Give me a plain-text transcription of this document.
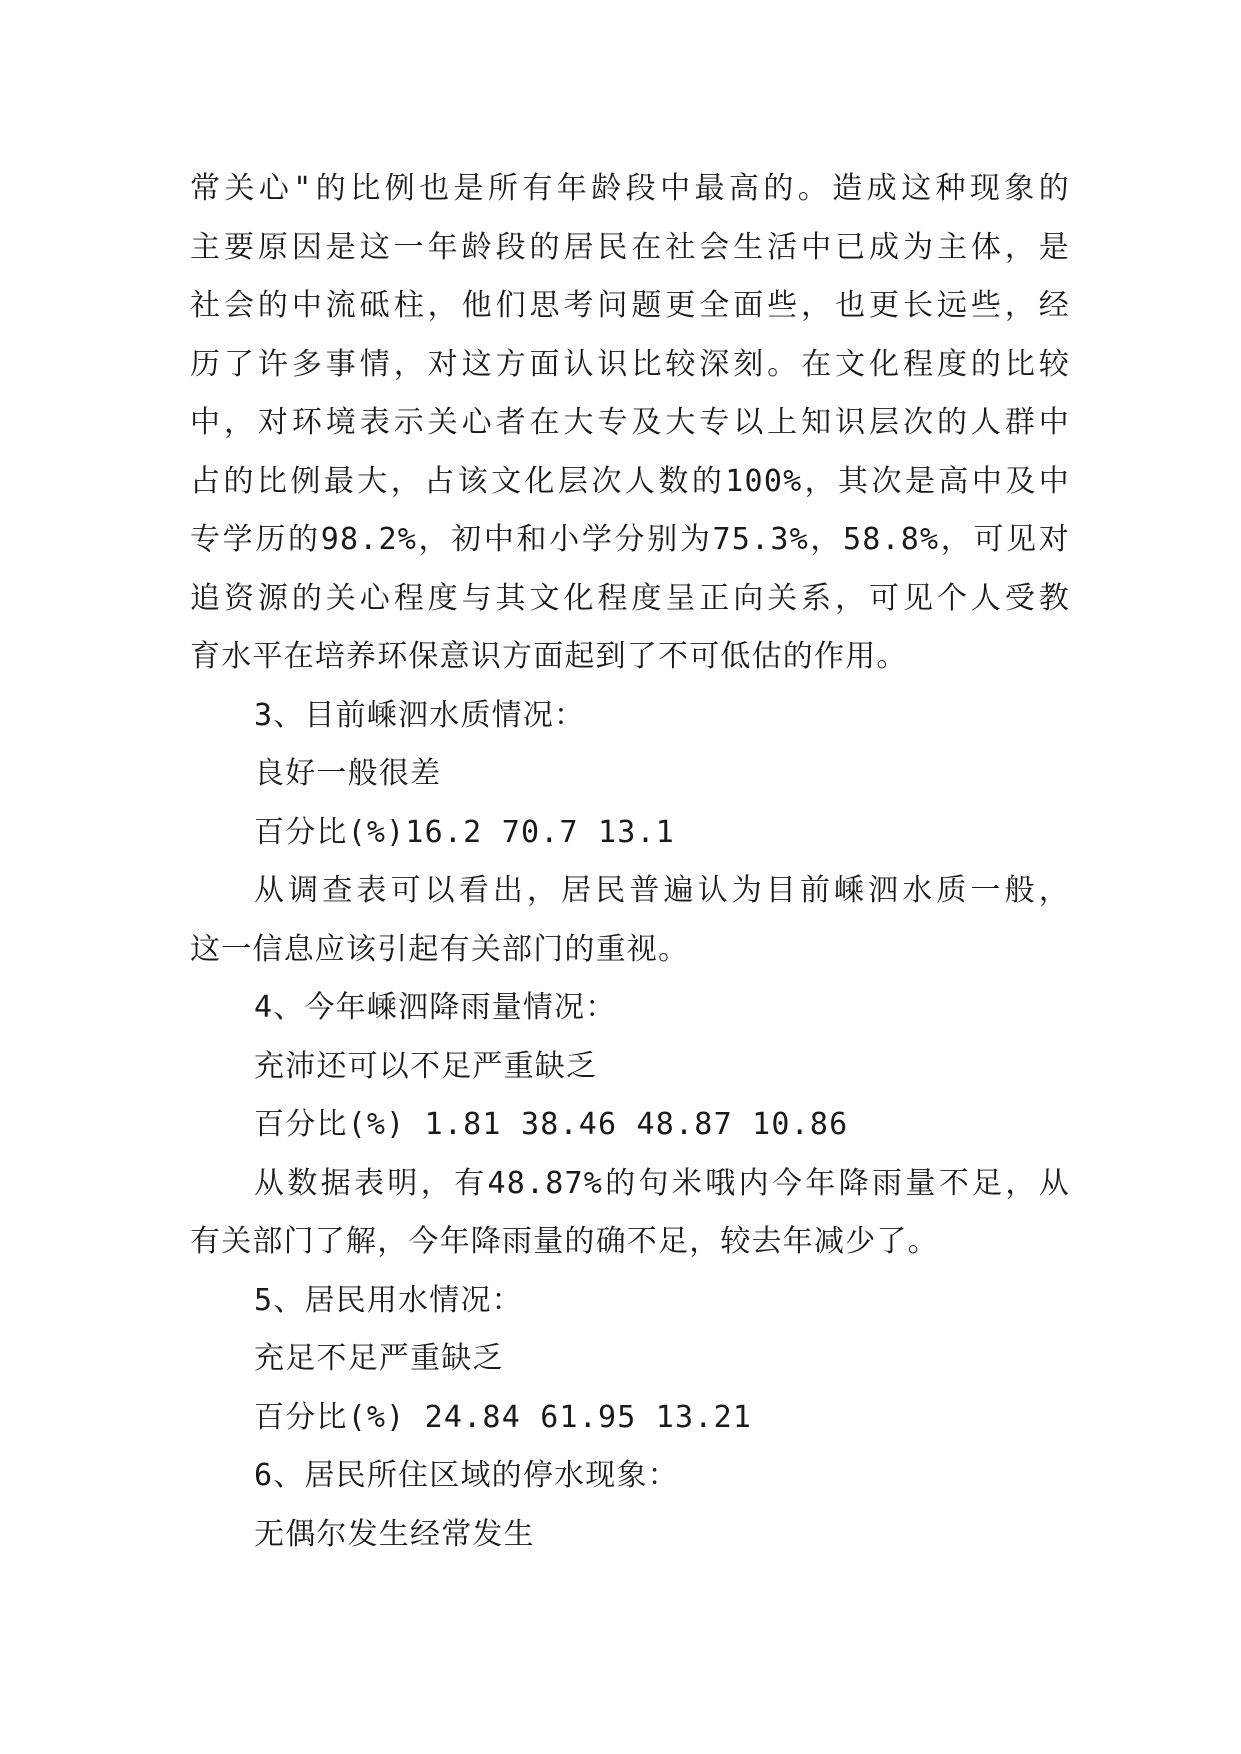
常关心"的比例也是所有年龄段中最高的。造成这种现象的
主要原因是这一年龄段的居民在社会生活中已成为主体，是
社会的中流砥柱，他们思考问题更全面些，也更长远些，经
历了许多事情，对这方面认识比较深刻。在文化程度的比较
中，对环境表示关心者在大专及大专以上知识层次的人群中
占的比例最大，占该文化层次人数的100%，其次是高中及中
专学历的98.2%，初中和小学分别为75.3%，58.8%，可见对
追资源的关心程度与其文化程度呈正向关系，可见个人受教
育水平在培养环保意识方面起到了不可低估的作用。
3、目前嵊泗水质情况：
良好一般很差
百分比(%)16.2 70.7 13.1
从调查表可以看出，居民普遍认为目前嵊泗水质一般，
这一信息应该引起有关部门的重视。
4、今年嵊泗降雨量情况：
充沛还可以不足严重缺乏
百分比(%) 1.81 38.46 48.87 10.86
从数据表明，有48.87%的句米哦内今年降雨量不足，从
有关部门了解，今年降雨量的确不足，较去年减少了。
5、居民用水情况：
充足不足严重缺乏
百分比(%) 24.84 61.95 13.21
6、居民所住区域的停水现象：
无偶尔发生经常发生
